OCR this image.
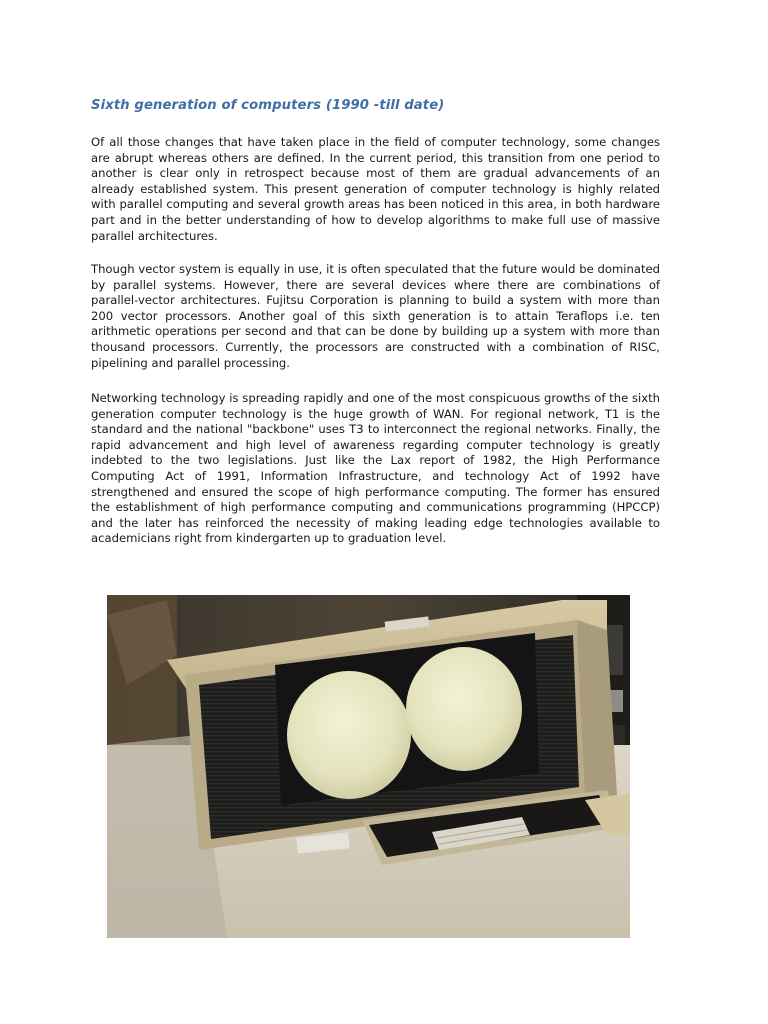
Sixth generation of computers (1990 -till date)

Of all those changes that have taken place in the field of computer technology, some changes are abrupt whereas others are defined. In the current period, this transition from one period to another is clear only in retrospect because most of them are gradual advancements of an already established system. This present generation of computer technology is highly related with parallel computing and several growth areas has been noticed in this area, in both hardware part and in the better understanding of how to develop algorithms to make full use of massive parallel architectures.

Though vector system is equally in use, it is often speculated that the future would be dominated by parallel systems. However, there are several devices where there are combinations of parallel-vector architectures. Fujitsu Corporation is planning to build a system with more than 200 vector processors. Another goal of this sixth generation is to attain Teraflops i.e. ten arithmetic operations per second and that can be done by building up a system with more than thousand processors. Currently, the processors are constructed with a combination of RISC, pipelining and parallel processing.

Networking technology is spreading rapidly and one of the most conspicuous growths of the sixth generation computer technology is the huge growth of WAN. For regional network, T1 is the standard and the national "backbone" uses T3 to interconnect the regional networks. Finally, the rapid advancement and high level of awareness regarding computer technology is greatly indebted to the two legislations. Just like the Lax report of 1982, the High Performance Computing Act of 1991, Information Infrastructure, and technology Act of 1992 have strengthened and ensured the scope of high performance computing. The former has ensured the establishment of high performance computing and communications programming (HPCCP) and the later has reinforced the necessity of making leading edge technologies available to academicians right from kindergarten up to graduation level.
